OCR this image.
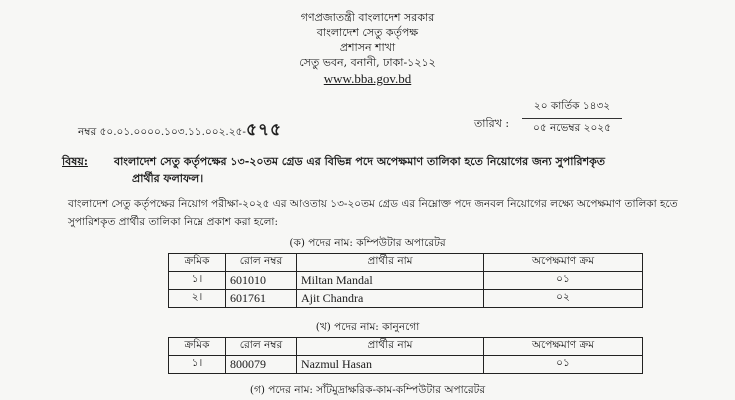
গণপ্রজাতন্ত্রী বাংলাদেশ সরকার
বাংলাদেশ সেতু কর্তৃপক্ষ
প্রশাসন শাখা
সেতু ভবন, বনানী, ঢাকা-১২১২
www.bba.gov.bd
নম্বর ৫০.০১.০০০০.১০৩.১১.০০২.২৫-৫৭৫	তারিখ :
২০ কার্তিক ১৪৩২
০৫ নভেম্বর ২০২৫
বিষয়: বাংলাদেশ সেতু কর্তৃপক্ষের ১৩-২০তম গ্রেড এর বিভিন্ন পদে অপেক্ষমাণ তালিকা হতে নিয়োগের জন্য সুপারিশকৃত
প্রার্থীর ফলাফল।
বাংলাদেশ সেতু কর্তৃপক্ষের নিয়োগ পরীক্ষা-২০২৫ এর আওতায় ১৩-২০তম গ্রেড এর নিম্নোক্ত পদে জনবল নিয়োগের লক্ষ্যে অপেক্ষমাণ তালিকা হতে সুপারিশকৃত প্রার্থীর তালিকা নিম্নে প্রকাশ করা হলো:
(ক) পদের নাম: কম্পিউটার অপারেটর
ক্রমিক	রোল নম্বর	প্রার্থীর নাম	অপেক্ষমাণ ক্রম
১।	601010	Miltan Mandal	০১
২।	601761	Ajit Chandra	০২
(খ) পদের নাম: কানুনগো
ক্রমিক	রোল নম্বর	প্রার্থীর নাম	অপেক্ষমাণ ক্রম
১।	800079	Nazmul Hasan	০১
(গ) পদের নাম: সাঁটমুদ্রাক্ষরিক-কাম-কম্পিউটার অপারেটর
